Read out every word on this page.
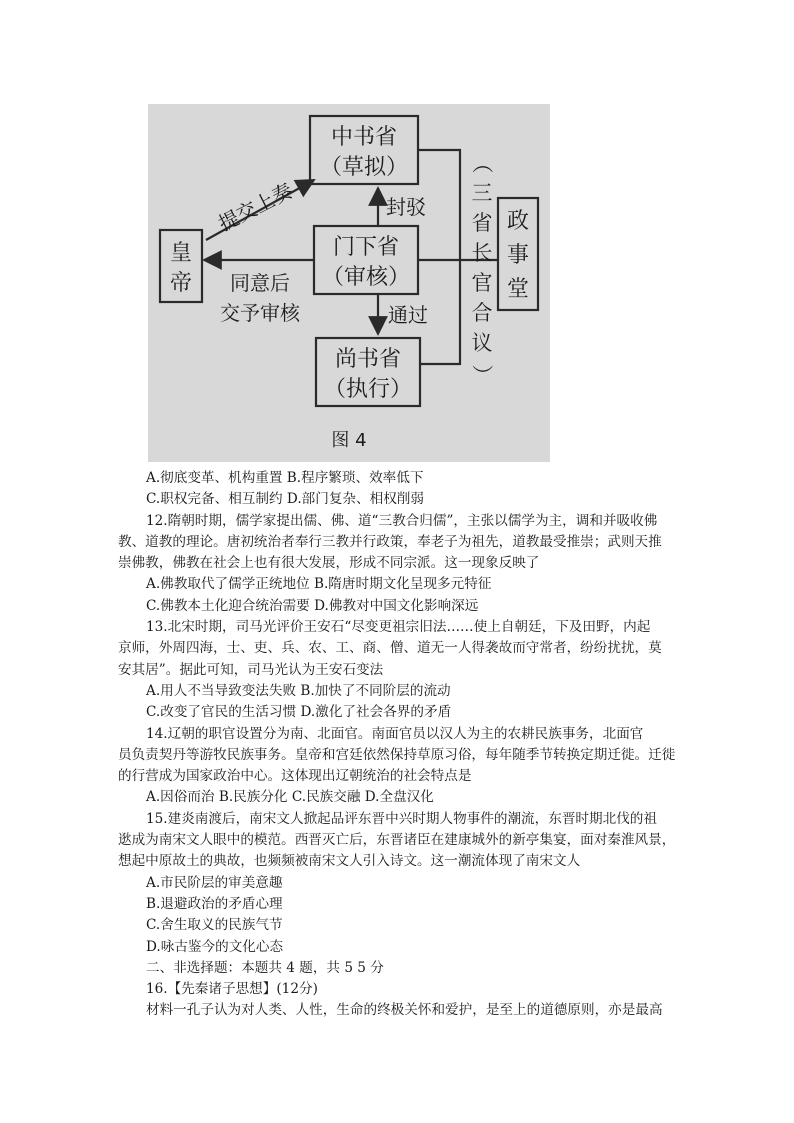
中书省
（草拟）
门下省
（审核）
尚书省
（执行）
皇
帝
政
事
堂
（
三
省
长
官
合
议
）
提交上奏	封驳
通过
同意后
交予审核
图 4

A.彻底变革、机构重置 B.程序繁琐、效率低下

C.职权完备、相互制约 D.部门复杂、相权削弱

12.隋朝时期，儒学家提出儒、佛、道“三教合归儒”，主张以儒学为主，调和并吸收佛

教、道教的理论。唐初统治者奉行三教并行政策，奉老子为祖先，道教最受推崇；武则天推

崇佛教，佛教在社会上也有很大发展，形成不同宗派。这一现象反映了

A.佛教取代了儒学正统地位 B.隋唐时期文化呈现多元特征

C.佛教本土化迎合统治需要 D.佛教对中国文化影响深远

13.北宋时期，司马光评价王安石“尽变更祖宗旧法……使上自朝廷，下及田野，内起

京师，外周四海，士、吏、兵、农、工、商、僧、道无一人得袭故而守常者，纷纷扰扰，莫

安其居”。据此可知，司马光认为王安石变法

A.用人不当导致变法失败 B.加快了不同阶层的流动

C.改变了官民的生活习惯 D.激化了社会各界的矛盾

14.辽朝的职官设置分为南、北面官。南面官员以汉人为主的农耕民族事务，北面官

员负责契丹等游牧民族事务。皇帝和宫廷依然保持草原习俗，每年随季节转换定期迁徙。迁徙

的行营成为国家政治中心。这体现出辽朝统治的社会特点是

A.因俗而治 B.民族分化 C.民族交融 D.全盘汉化

15.建炎南渡后，南宋文人掀起品评东晋中兴时期人物事件的潮流，东晋时期北伐的祖

逖成为南宋文人眼中的模范。西晋灭亡后，东晋诸臣在建康城外的新亭集宴，面对秦淮风景，

想起中原故土的典故，也频频被南宋文人引入诗文。这一潮流体现了南宋文人

A.市民阶层的审美意趣

B.退避政治的矛盾心理

C.舍生取义的民族气节

D.咏古鉴今的文化心态

二、非选择题：本题共 4 题，共 5 5 分

16.【先秦诸子思想】(12分)

材料一孔子认为对人类、人性，生命的终极关怀和爱护，是至上的道德原则，亦是最高
